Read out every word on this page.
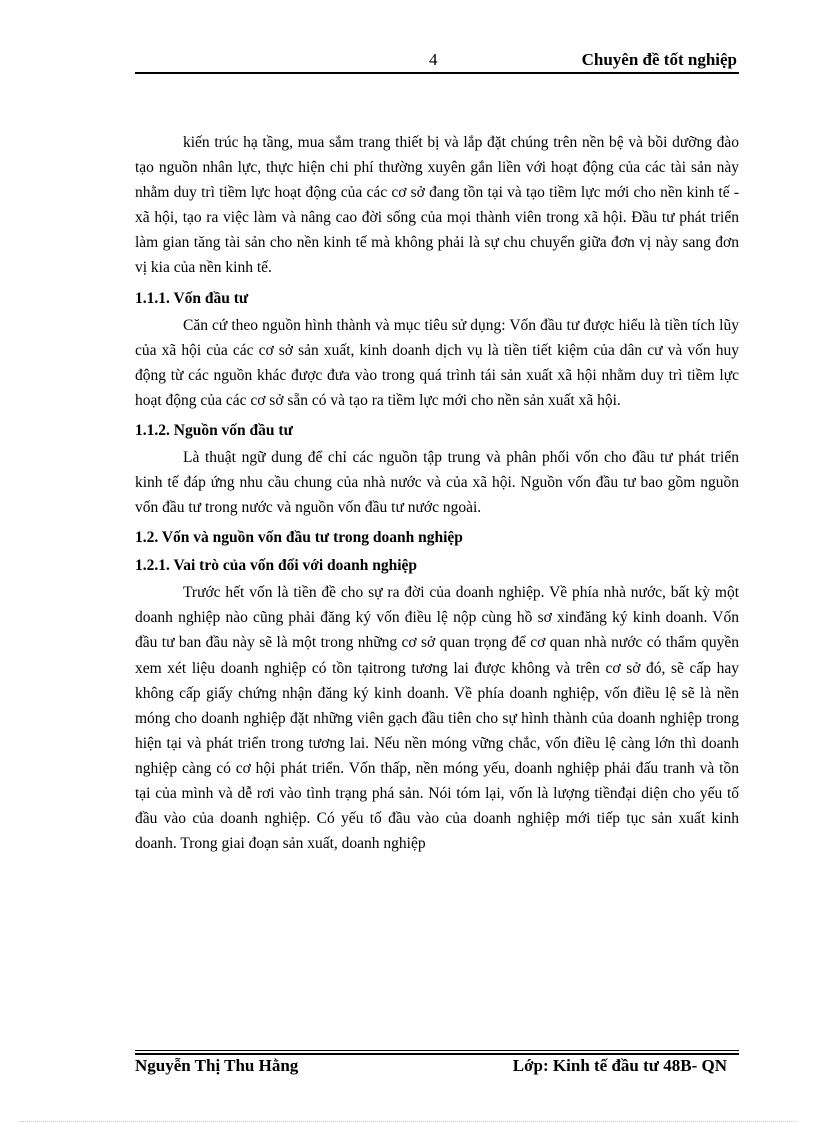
4	Chuyên đề tốt nghiệp

kiến trúc hạ tầng, mua sắm trang thiết bị và lắp đặt chúng trên nền bệ và bồi dưỡng đào tạo nguồn nhân lực, thực hiện chi phí thường xuyên gắn liền với hoạt động của các tài sản này nhằm duy trì tiềm lực hoạt động của các cơ sở đang tồn tại và tạo tiềm lực mới cho nền kinh tế - xã hội, tạo ra việc làm và nâng cao đời sống của mọi thành viên trong xã hội. Đầu tư phát triển làm gian tăng tài sản cho nền kinh tế mà không phải là sự chu chuyển giữa đơn vị này sang đơn vị kia của nền kinh tế.

1.1.1. Vốn đầu tư

Căn cứ theo nguồn hình thành và mục tiêu sử dụng: Vốn đầu tư được hiểu là tiền tích lũy của xã hội của các cơ sở sản xuất, kinh doanh dịch vụ là tiền tiết kiệm của dân cư và vốn huy động từ các nguồn khác được đưa vào trong quá trình tái sản xuất xã hội nhằm duy trì tiềm lực hoạt động của các cơ sở sẵn có và tạo ra tiềm lực mới cho nền sản xuất xã hội.

1.1.2. Nguồn vốn đầu tư

Là thuật ngữ dung để chỉ các nguồn tập trung và phân phối vốn cho đầu tư phát triển kinh tế đáp ứng nhu cầu chung của nhà nước và của xã hội. Nguồn vốn đầu tư bao gồm nguồn vốn đầu tư trong nước và nguồn vốn đầu tư nước ngoài.

1.2. Vốn và nguồn vốn đầu tư trong doanh nghiệp
1.2.1. Vai trò của vốn đối với doanh nghiệp

Trước hết vốn là tiền đề cho sự ra đời của doanh nghiệp. Về phía nhà nước, bất kỳ một doanh nghiệp nào cũng phải đăng ký vốn điều lệ nộp cùng hồ sơ xinđăng ký kinh doanh. Vốn đầu tư ban đầu này sẽ là một trong những cơ sở quan trọng để cơ quan nhà nước có thẩm quyền xem xét liệu doanh nghiệp có tồn tạitrong tương lai được không và trên cơ sở đó, sẽ cấp hay không cấp giấy chứng nhận đăng ký kinh doanh. Về phía doanh nghiệp, vốn điều lệ sẽ là nền móng cho doanh nghiệp đặt những viên gạch đầu tiên cho sự hình thành của doanh nghiệp trong hiện tại và phát triển trong tương lai. Nếu nền móng vững chắc, vốn điều lệ càng lớn thì doanh nghiệp càng có cơ hội phát triển. Vốn thấp, nền móng yếu, doanh nghiệp phải đấu tranh và tồn tại của mình và dễ rơi vào tình trạng phá sản. Nói tóm lại, vốn là lượng tiềnđại diện cho yếu tố đầu vào của doanh nghiệp. Có yếu tố đầu vào của doanh nghiệp mới tiếp tục sản xuất kinh doanh. Trong giai đoạn sản xuất, doanh nghiệp

Nguyễn Thị Thu Hằng	Lớp: Kinh tế đầu tư 48B- QN
